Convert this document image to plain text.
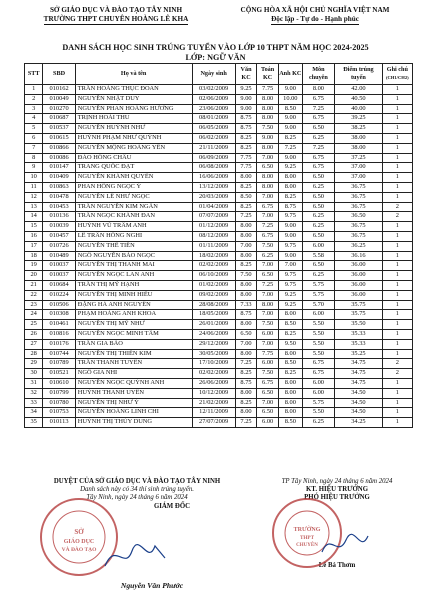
SỞ GIÁO DỤC VÀ ĐÀO TẠO TÂY NINH
TRƯỜNG THPT CHUYÊN HOÀNG LÊ KHA
CỘNG HÒA XÃ HỘI CHỦ NGHĨA VIỆT NAM
Độc lập - Tự do - Hạnh phúc
DANH SÁCH HỌC SINH TRÚNG TUYỂN VÀO LỚP 10 THPT NĂM HỌC 2024-2025
LỚP: NGỮ VĂN
STT	SBD	Họ và tên	Ngày sinh	Văn KC	Toán KC	Anh KC	Môn chuyên	Điểm trúng tuyển	Ghi chú
(CH1/CH2)
1	010162	TRẦN HOÀNG THỤC ĐOAN	03/02/2009	9.25	7.75	9.00	8.00	42.00	1
2	010049	NGUYỄN NHẬT DUY	02/06/2009	9.00	8.00	10.00	6.75	40.50	1
3	010270	NGUYỄN PHAN HOÀNG HƯƠNG	23/06/2009	9.00	8.00	8.50	7.25	40.00	1
4	010687	TRỊNH HOÀI THU	08/01/2009	8.75	8.00	9.00	6.75	39.25	1
5	010537	NGUYỄN HUỲNH NHƯ	06/05/2009	8.75	7.50	9.00	6.50	38.25	1
6	010615	HUỲNH PHẠM NHƯ QUỲNH	06/02/2009	8.25	9.00	8.25	6.25	38.00	1
7	010866	NGUYỄN MỘNG HOÀNG YẾN	21/11/2009	8.25	8.00	7.25	7.25	38.00	1
8	010086	ĐÀO HỒNG CHÂU	06/09/2009	7.75	7.00	9.00	6.75	37.25	1
9	010147	TRANG QUỐC ĐẠT	06/08/2009	7.75	6.50	9.25	6.75	37.00	1
10	010409	NGUYỄN KHÁNH QUYÊN	16/06/2009	8.00	8.00	8.00	6.50	37.00	1
11	010863	PHAN HỒNG NGỌC Ý	13/12/2009	8.25	8.00	8.00	6.25	36.75	1
12	010478	NGUYỄN LÊ NHƯ NGỌC	20/03/2009	8.50	7.00	8.25	6.50	36.75	1
13	010453	TRẦN NGUYỄN KIM NGÂN	01/04/2009	8.25	6.75	8.75	6.50	36.75	2
14	010136	TRẦN NGỌC KHÁNH ĐAN	07/07/2009	7.25	7.00	9.75	6.25	36.50	2
15	010039	HUỲNH VŨ TRÂM ANH	01/12/2009	8.00	7.25	9.00	6.25	36.75	1
16	010457	LÊ TRẦN HỒNG NGHI	08/12/2009	8.00	6.75	9.00	6.50	36.75	1
17	010726	NGUYỄN THẾ TIẾN	01/11/2009	7.00	7.50	9.75	6.00	36.25	1
18	010489	NGÔ NGUYỄN BẢO NGỌC	18/02/2009	8.00	6.25	9.00	5.58	36.16	1
19	010037	NGUYỄN THỊ THANH MAI	02/02/2009	8.25	7.00	7.00	6.50	36.00	1
20	010037	NGUYỄN NGỌC LAN ANH	06/10/2009	7.50	6.50	9.75	6.25	36.00	1
21	010684	TRẦN THỊ MỸ HẠNH	01/02/2009	8.00	7.25	9.75	5.75	36.00	1
22	010224	NGUYỄN THỊ MINH HIẾU	09/02/2009	8.00	7.00	9.25	5.75	36.00	1
23	010506	ĐẶNG HÀ ANH NGUYÊN	28/08/2009	7.33	8.00	9.25	5.70	35.75	1
24	010308	PHẠM HOÀNG ANH KHOA	18/05/2009	8.75	7.00	8.00	6.00	35.75	1
25	010461	NGUYỄN THỊ MỸ NHƯ	26/01/2009	8.00	7.50	8.50	5.50	35.50	1
26	010816	NGUYỄN NGỌC MINH TÂM	24/06/2009	6.50	6.00	8.25	5.50	35.33	1
27	010176	TRẦN GIA BẢO	29/12/2009	7.00	7.00	9.50	5.50	35.33	1
28	010744	NGUYỄN THỊ THIÊN KIM	30/05/2009	8.00	7.75	8.00	5.50	35.25	1
29	010789	TRẦN THANH TUYỀN	17/10/2009	7.25	6.00	8.50	6.75	34.75	2
30	010521	NGÔ GIA NHI	02/02/2009	8.25	7.50	8.25	6.75	34.75	2
31	010610	NGUYỄN NGỌC QUỲNH ANH	26/06/2009	8.75	6.75	8.00	6.00	34.75	1
32	010799	HUỲNH THANH UYÊN	10/12/2009	8.00	6.50	8.00	6.00	34.50	1
33	010780	NGUYỄN THỊ NHƯ Ý	21/02/2009	8.25	7.00	8.00	5.75	34.50	1
34	010753	NGUYỄN HOÀNG LINH CHI	12/11/2009	8.00	6.50	8.00	5.50	34.50	1
35	010113	HUỲNH THỊ THÙY DUNG	27/07/2009	7.25	6.00	8.50	6.25	34.25	1
DUYỆT CỦA SỞ GIÁO DỤC VÀ ĐÀO TẠO TÂY NINH
Danh sách này có 34 thí sinh trúng tuyển.
Tây Ninh, ngày 24 tháng 6 năm 2024
GIÁM ĐỐC
Nguyễn Văn Phước
SỞ
GIÁO DỤC
VÀ ĐÀO TẠO
TP Tây Ninh, ngày 24 tháng 6 năm 2024
KT. HIỆU TRƯỞNG
PHÓ HIỆU TRƯỞNG
Lê Bá Thơm
TRƯỜNG
THPT
CHUYÊN
